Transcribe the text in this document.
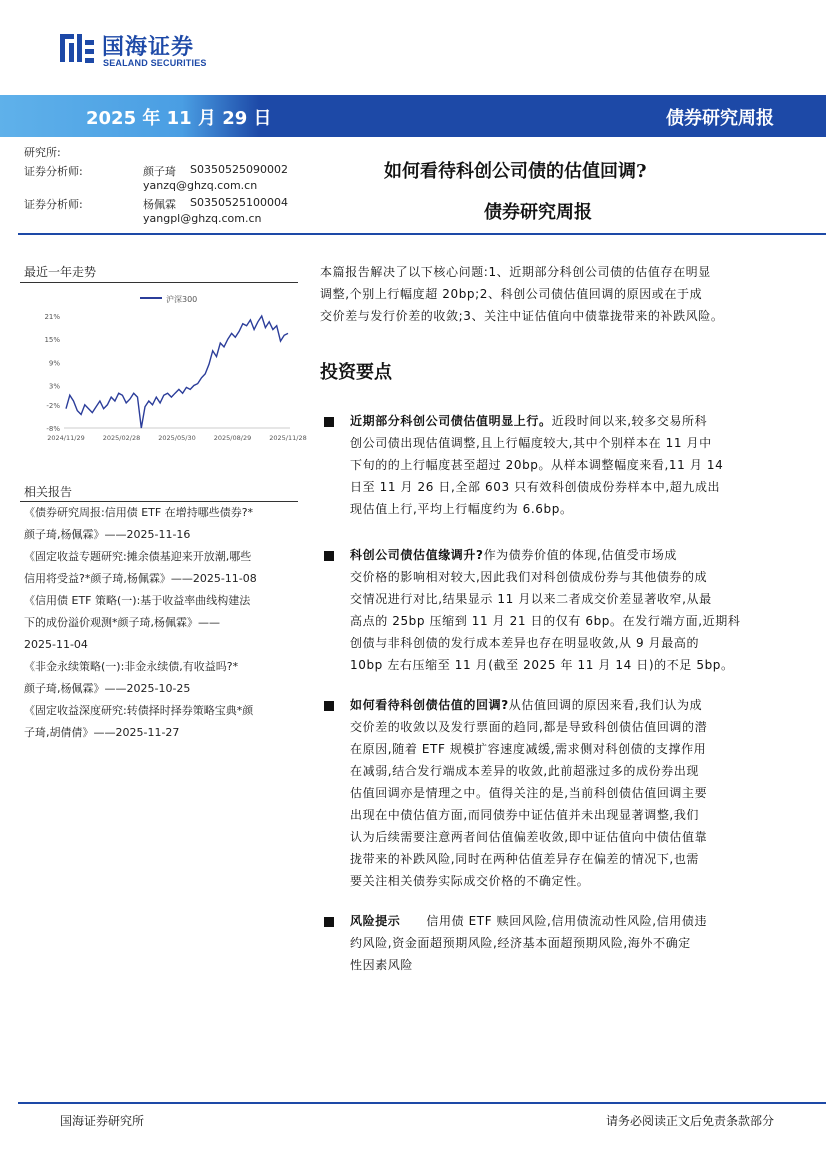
国海证券
SEALAND SECURITIES
2025 年 11 月 29 日	债券研究周报
研究所:
证券分析师:	颜子琦 S0350525090002
yanzq@ghzq.com.cn
证券分析师:	杨佩霖 S0350525100004
yangpl@ghzq.com.cn
如何看待科创公司债的估值回调?
债券研究周报
最近一年走势
沪深300
21%
15%
9%
3%
-2%
-8%
2024/11/29	2025/02/28	2025/05/30	2025/08/29	2025/11/28
相关报告
《债券研究周报:信用债 ETF 在增持哪些债券?*
颜子琦,杨佩霖》——2025-11-16
《固定收益专题研究:摊余债基迎来开放潮,哪些
信用将受益?*颜子琦,杨佩霖》——2025-11-08
《信用债 ETF 策略(一):基于收益率曲线构建法
下的成份溢价观测*颜子琦,杨佩霖》——
2025-11-04
《非金永续策略(一):非金永续债,有收益吗?*
颜子琦,杨佩霖》——2025-10-25
《固定收益深度研究:转债择时择券策略宝典*颜
子琦,胡倩倩》——2025-11-27
本篇报告解决了以下核心问题:1、近期部分科创公司债的估值存在明显
调整,个别上行幅度超 20bp;2、科创公司债估值回调的原因或在于成
交价差与发行价差的收敛;3、关注中证估值向中债靠拢带来的补跌风险。
投资要点
近期部分科创公司债估值明显上行。近段时间以来,较多交易所科
创公司债出现估值调整,且上行幅度较大,其中个别样本在 11 月中
下旬的的上行幅度甚至超过 20bp。从样本调整幅度来看,11 月 14
日至 11 月 26 日,全部 603 只有效科创债成份券样本中,超九成出
现估值上行,平均上行幅度约为 6.6bp。
科创公司债估值缘调升?作为债券价值的体现,估值受市场成
交价格的影响相对较大,因此我们对科创债成份券与其他债券的成
交情况进行对比,结果显示 11 月以来二者成交价差显著收窄,从最
高点的 25bp 压缩到 11 月 21 日的仅有 6bp。在发行端方面,近期科
创债与非科创债的发行成本差异也存在明显收敛,从 9 月最高的
10bp 左右压缩至 11 月(截至 2025 年 11 月 14 日)的不足 5bp。
如何看待科创债估值的回调?从估值回调的原因来看,我们认为成
交价差的收敛以及发行票面的趋同,都是导致科创债估值回调的潜
在原因,随着 ETF 规模扩容速度减缓,需求侧对科创债的支撑作用
在减弱,结合发行端成本差异的收敛,此前超涨过多的成份券出现
估值回调亦是情理之中。值得关注的是,当前科创债估值回调主要
出现在中债估值方面,而同债券中证估值并未出现显著调整,我们
认为后续需要注意两者间估值偏差收敛,即中证估值向中债估值靠
拢带来的补跌风险,同时在两种估值差异存在偏差的情况下,也需
要关注相关债券实际成交价格的不确定性。
风险提示 信用债 ETF 赎回风险,信用债流动性风险,信用债违
约风险,资金面超预期风险,经济基本面超预期风险,海外不确定
性因素风险
国海证券研究所	请务必阅读正文后免责条款部分
